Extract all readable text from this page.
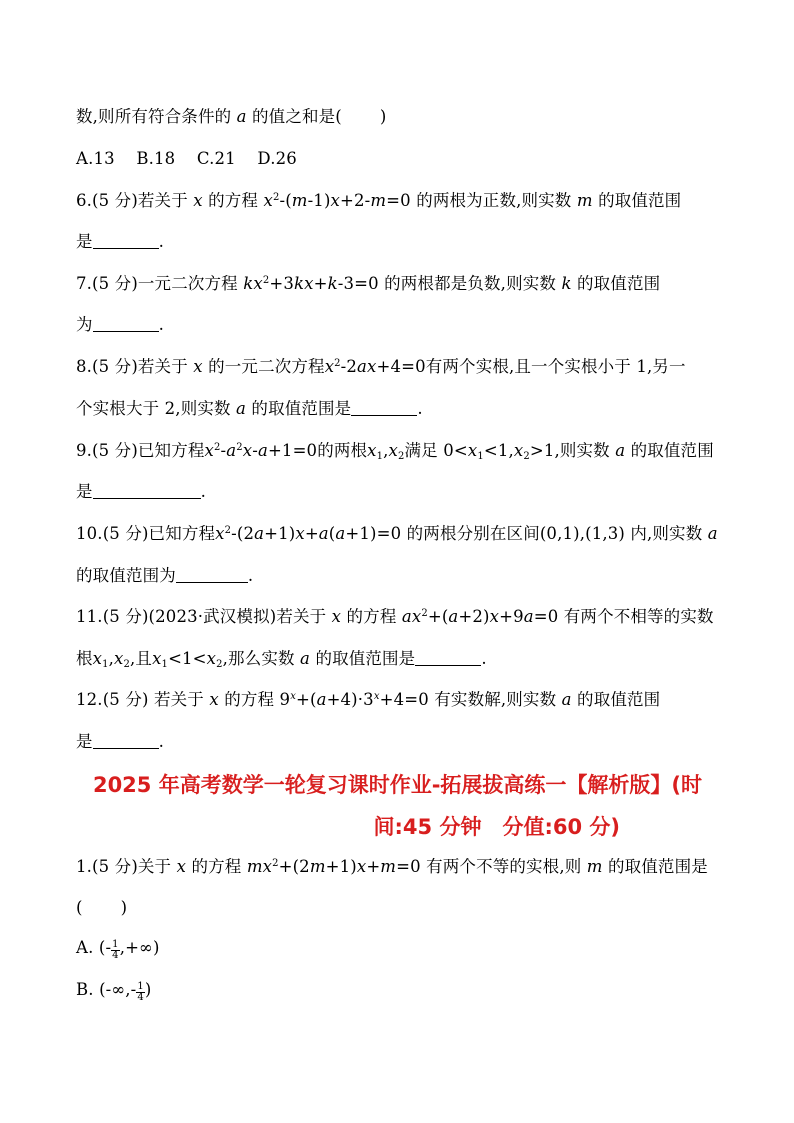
数,则所有符合条件的 a 的值之和是( )
A.13 B.18 C.21 D.26
6.(5 分)若关于 x 的方程 $x^2-(m-1)x+2-m=0$ 的两根为正数,则实数 m 的取值范围
是	.
7.(5 分)一元二次方程 $kx^2+3kx+k-3=0$ 的两根都是负数,则实数 k 的取值范围
为	.
8.(5 分)若关于 x 的一元二次方程$x^2-2ax+4=0$有两个实根,且一个实根小于 1,另一
个实根大于 2,则实数 a 的取值范围是	.
9.(5 分)已知方程$x^2-a^2x-a+1=0$的两根$x_1,x_2$满足 $0<x_1<1,x_2>1$,则实数 a 的取值范围
是	.
10.(5 分)已知方程$x^2-(2a+1)x+a(a+1)=0$ 的两根分别在区间(0,1),(1,3) 内,则实数 a
的取值范围为	.
11.(5 分)(2023·武汉模拟)若关于 x 的方程 $ax^2+(a+2)x+9a=0$ 有两个不相等的实数
根$x_1,x_2$,且$x_1<1<x_2$,那么实数 a 的取值范围是	.
12.(5 分) 若关于 x 的方程 $9^x+(a+4)\cdot 3^x+4=0$ 有实数解,则实数 a 的取值范围
是	.
2025 年高考数学一轮复习课时作业-拓展拔高练一【解析版】(时
间:45 分钟　分值:60 分)
1.(5 分)关于 x 的方程 $mx^2+(2m+1)x+m=0$ 有两个不等的实根,则 m 的取值范围是
( )
A. (- $\frac{1}{4}$ ,+∞)
B. (-∞,- $\frac{1}{4}$ )
